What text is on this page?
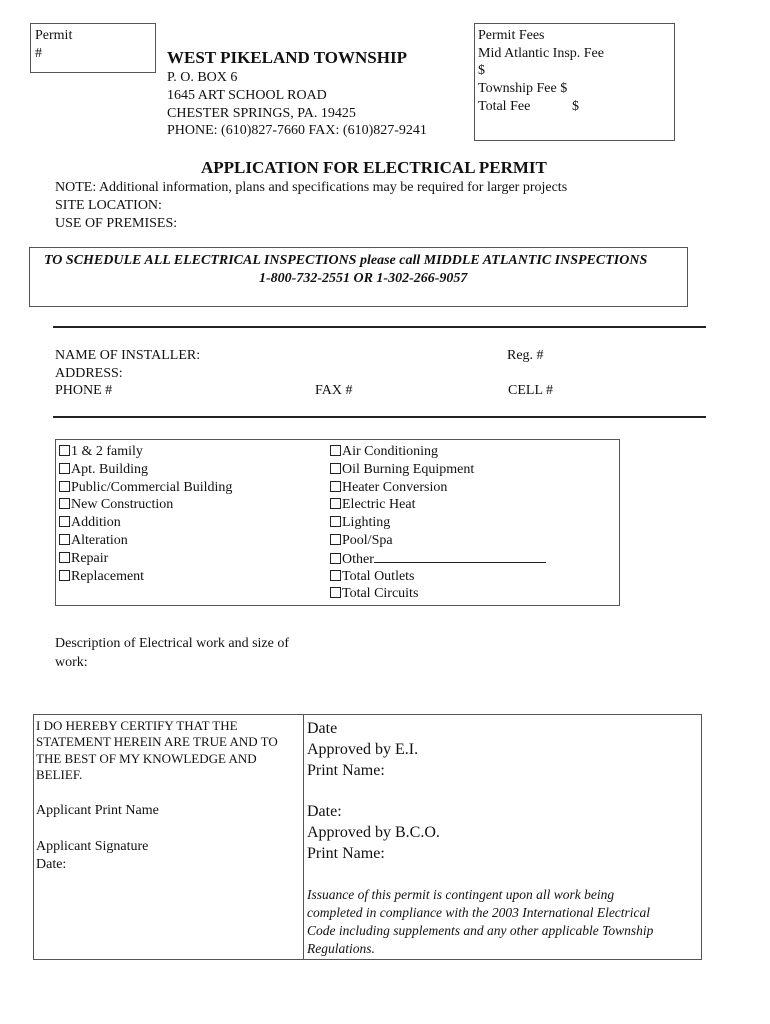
Permit
#	WEST PIKELAND TOWNSHIP
P. O. BOX 6
1645 ART SCHOOL ROAD
CHESTER SPRINGS, PA. 19425
PHONE: (610)827-7660 FAX: (610)827-9241
Permit Fees
Mid Atlantic Insp. Fee
$
Township Fee $
Total Fee	$
APPLICATION FOR ELECTRICAL PERMIT
NOTE: Additional information, plans and specifications may be required for larger projects
SITE LOCATION:
USE OF PREMISES:
TO SCHEDULE ALL ELECTRICAL INSPECTIONS please call MIDDLE ATLANTIC INSPECTIONS
1-800-732-2551 OR 1-302-266-9057
NAME OF INSTALLER:	Reg. #
ADDRESS:
PHONE #	FAX #	CELL #
1 & 2 family
Apt. Building
Public/Commercial Building
New Construction
Addition
Alteration
Repair
Replacement
Air Conditioning
Oil Burning Equipment
Heater Conversion
Electric Heat
Lighting
Pool/Spa
Other
Total Outlets
Total Circuits
Description of Electrical work and size of
work:
I DO HEREBY CERTIFY THAT THE
STATEMENT HEREIN ARE TRUE AND TO
THE BEST OF MY KNOWLEDGE AND
BELIEF.
Applicant Print Name
Applicant Signature
Date:
Date
Approved by E.I.
Print Name:
Date:
Approved by B.C.O.
Print Name:
Issuance of this permit is contingent upon all work being
completed in compliance with the 2003 International Electrical
Code including supplements and any other applicable Township
Regulations.
